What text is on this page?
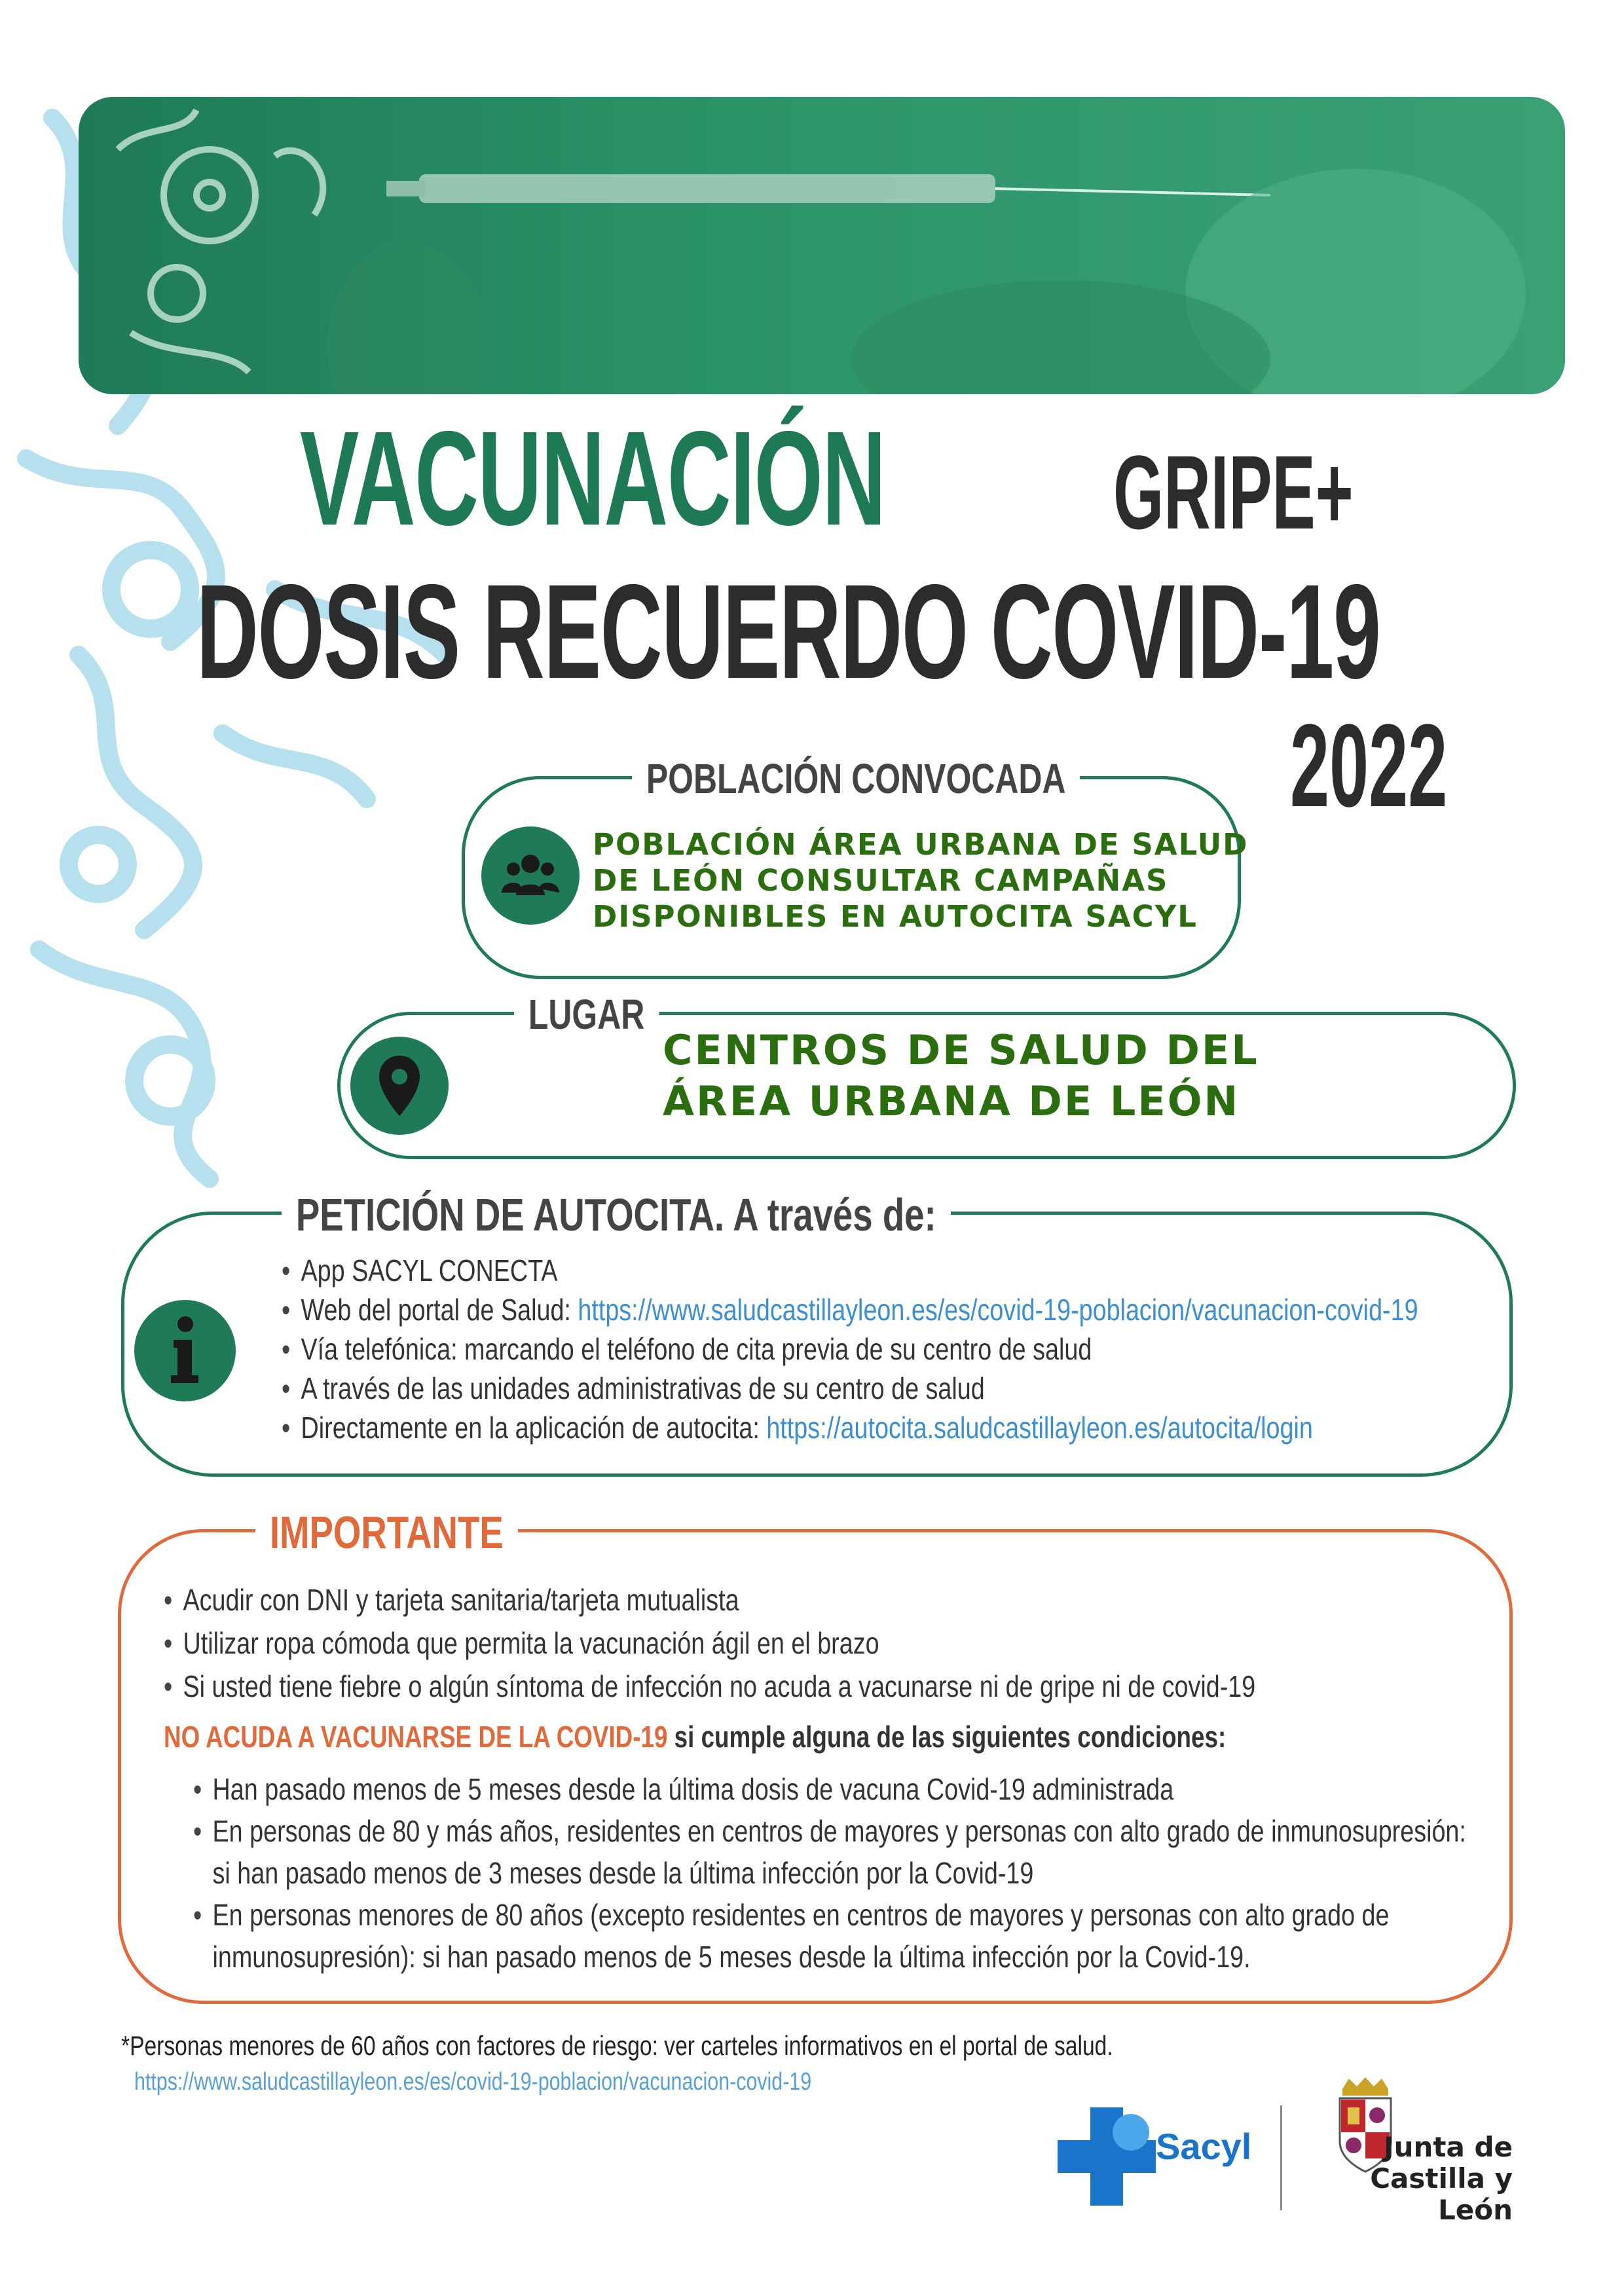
VACUNACIÓN GRIPE+
DOSIS RECUERDO COVID-19
2022
POBLACIÓN CONVOCADA
POBLACIÓN ÁREA URBANA DE SALUD
DE LEÓN CONSULTAR CAMPAÑAS
DISPONIBLES EN AUTOCITA SACYL
LUGAR
CENTROS DE SALUD DEL
ÁREA URBANA DE LEÓN
PETICIÓN DE AUTOCITA. A través de:
• App SACYL CONECTA
• Web del portal de Salud: https://www.saludcastillayleon.es/es/covid-19-poblacion/vacunacion-covid-19
• Vía telefónica: marcando el teléfono de cita previa de su centro de salud
• A través de las unidades administrativas de su centro de salud
• Directamente en la aplicación de autocita: https://autocita.saludcastillayleon.es/autocita/login
IMPORTANTE
• Acudir con DNI y tarjeta sanitaria/tarjeta mutualista
• Utilizar ropa cómoda que permita la vacunación ágil en el brazo
• Si usted tiene fiebre o algún síntoma de infección no acuda a vacunarse ni de gripe ni de covid-19
NO ACUDA A VACUNARSE DE LA COVID-19 si cumple alguna de las siguientes condiciones:
• Han pasado menos de 5 meses desde la última dosis de vacuna Covid-19 administrada
• En personas de 80 y más años, residentes en centros de mayores y personas con alto grado de inmunosupresión:
si han pasado menos de 3 meses desde la última infección por la Covid-19
• En personas menores de 80 años (excepto residentes en centros de mayores y personas con alto grado de
inmunosupresión): si han pasado menos de 5 meses desde la última infección por la Covid-19.
*Personas menores de 60 años con factores de riesgo: ver carteles informativos en el portal de salud.
https://www.saludcastillayleon.es/es/covid-19-poblacion/vacunacion-covid-19
Sacyl	Junta de
Castilla y León
